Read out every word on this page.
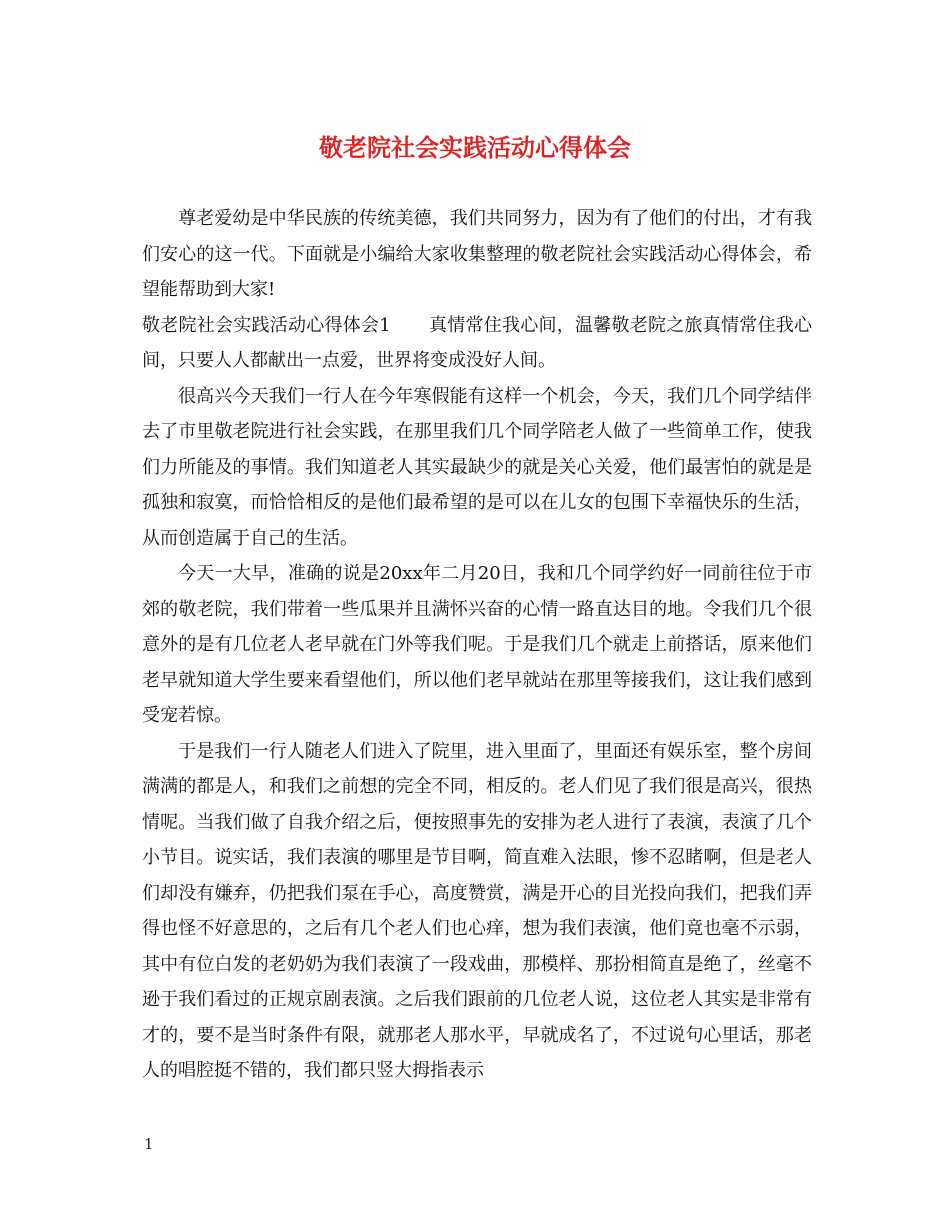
敬老院社会实践活动心得体会

尊老爱幼是中华民族的传统美德，我们共同努力，因为有了他们的付出，才有我们安心的这一代。下面就是小编给大家收集整理的敬老院社会实践活动心得体会，希望能帮助到大家!

敬老院社会实践活动心得体会1 真情常住我心间，温馨敬老院之旅真情常住我心间，只要人人都献出一点爱，世界将变成没好人间。

很高兴今天我们一行人在今年寒假能有这样一个机会，今天，我们几个同学结伴去了市里敬老院进行社会实践，在那里我们几个同学陪老人做了一些简单工作，使我们力所能及的事情。我们知道老人其实最缺少的就是关心关爱，他们最害怕的就是是孤独和寂寞，而恰恰相反的是他们最希望的是可以在儿女的包围下幸福快乐的生活，从而创造属于自己的生活。

今天一大早，准确的说是20xx年二月20日，我和几个同学约好一同前往位于市郊的敬老院，我们带着一些瓜果并且满怀兴奋的心情一路直达目的地。令我们几个很意外的是有几位老人老早就在门外等我们呢。于是我们几个就走上前搭话，原来他们老早就知道大学生要来看望他们，所以他们老早就站在那里等接我们，这让我们感到受宠若惊。

于是我们一行人随老人们进入了院里，进入里面了，里面还有娱乐室，整个房间满满的都是人，和我们之前想的完全不同，相反的。老人们见了我们很是高兴，很热情呢。当我们做了自我介绍之后，便按照事先的安排为老人进行了表演，表演了几个小节目。说实话，我们表演的哪里是节目啊，简直难入法眼，惨不忍睹啊，但是老人们却没有嫌弃，仍把我们泵在手心，高度赞赏，满是开心的目光投向我们，把我们弄得也怪不好意思的，之后有几个老人们也心痒，想为我们表演，他们竟也毫不示弱，其中有位白发的老奶奶为我们表演了一段戏曲，那模样、那扮相简直是绝了，丝毫不逊于我们看过的正规京剧表演。之后我们跟前的几位老人说，这位老人其实是非常有才的，要不是当时条件有限，就那老人那水平，早就成名了，不过说句心里话，那老人的唱腔挺不错的，我们都只竖大拇指表示

1
